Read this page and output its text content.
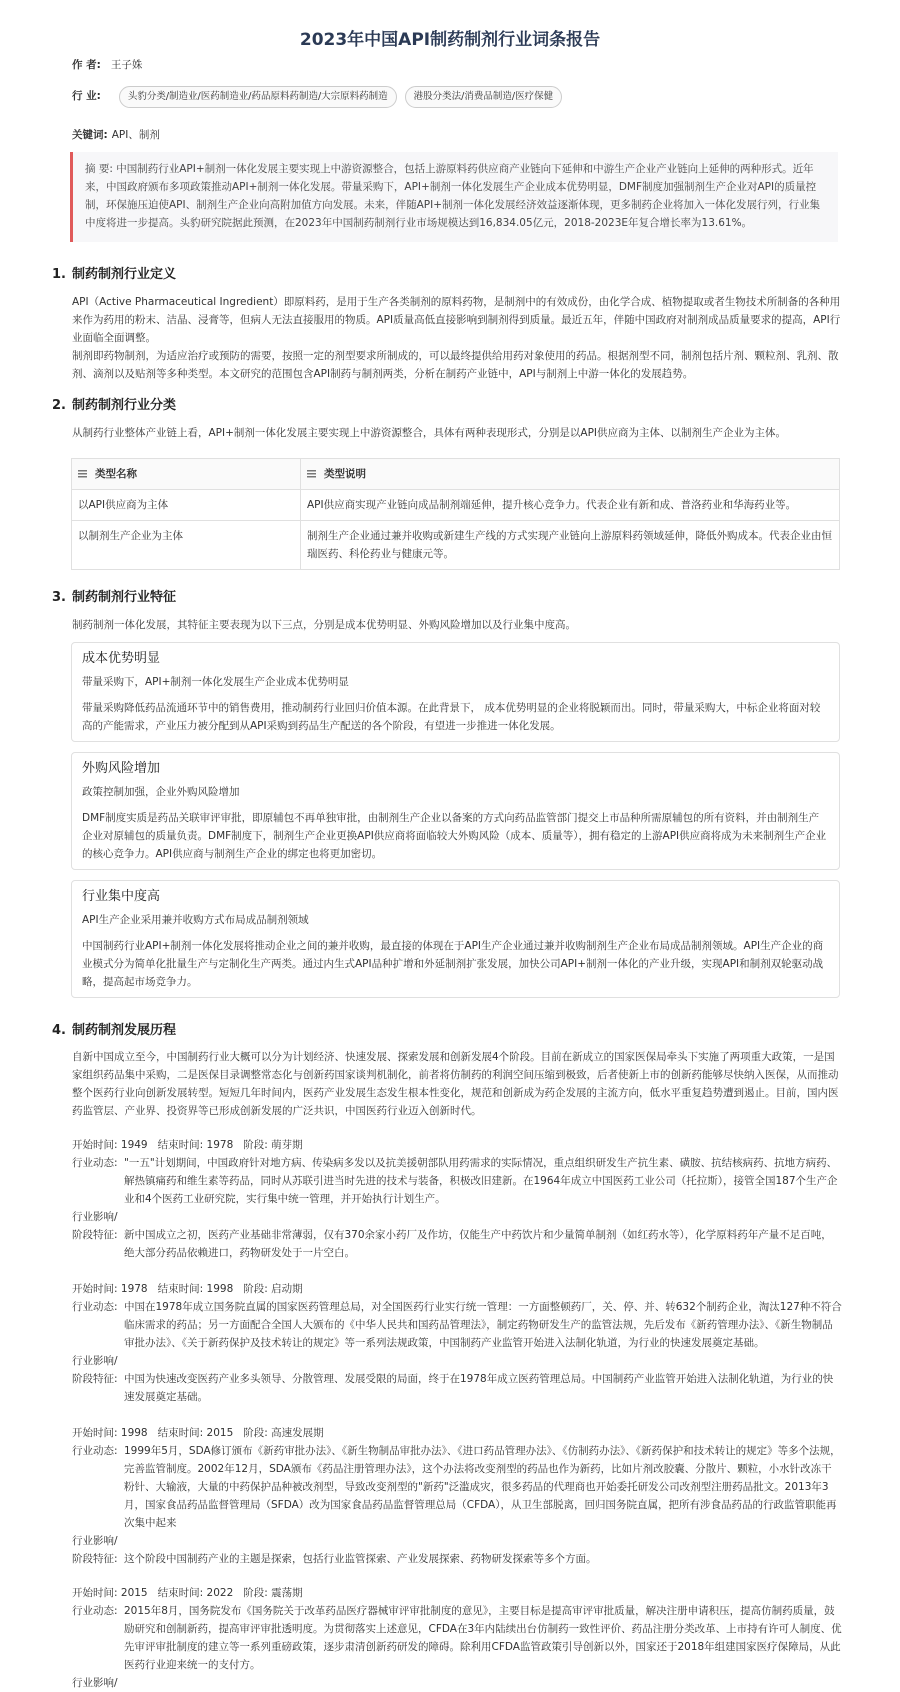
2023年中国API制药制剂行业词条报告
作 者: 王子姝
行 业:	头豹分类/制造业/医药制造业/药品原料药制造/大宗原料药制造	港股分类法/消费品制造/医疗保健
关键词: API、制剂
摘 要: 中国制药行业API+制剂一体化发展主要实现上中游资源整合，包括上游原料药供应商产业链向下延伸和中游生产企业产业链向上延伸的两种形式。近年来，中国政府颁布多项政策推动API+制剂一体化发展。带量采购下，API+制剂一体化发展生产企业成本优势明显，DMF制度加强制剂生产企业对API的质量控制，环保施压迫使API、制剂生产企业向高附加值方向发展。未来，伴随API+制剂一体化发展经济效益逐渐体现，更多制药企业将加入一体化发展行列，行业集中度将进一步提高。头豹研究院据此预测，在2023年中国制药制剂行业市场规模达到16,834.05亿元，2018-2023E年复合增长率为13.61%。
1. 制药制剂行业定义
API（Active Pharmaceutical Ingredient）即原料药，是用于生产各类制剂的原料药物，是制剂中的有效成份，由化学合成、植物提取或者生物技术所制备的各种用来作为药用的粉末、洁晶、浸膏等，但病人无法直接服用的物质。API质量高低直接影响到制剂得到质量。最近五年，伴随中国政府对制剂成品质量要求的提高，API行业面临全面调整。
制剂即药物制剂，为适应治疗或预防的需要，按照一定的剂型要求所制成的，可以最终提供给用药对象使用的药品。根据剂型不同，制剂包括片剂、颗粒剂、乳剂、散剂、滴剂以及贴剂等多种类型。本文研究的范围包含API制药与制剂两类，分析在制药产业链中，API与制剂上中游一体化的发展趋势。
2. 制药制剂行业分类
从制药行业整体产业链上看，API+制剂一体化发展主要实现上中游资源整合，具体有两种表现形式，分别是以API供应商为主体、以制剂生产企业为主体。
类型名称	类型说明
以API供应商为主体	API供应商实现产业链向成品制剂端延伸，提升核心竞争力。代表企业有新和成、普洛药业和华海药业等。
以制剂生产企业为主体	制剂生产企业通过兼并收购或新建生产线的方式实现产业链向上游原料药领域延伸，降低外购成本。代表企业由恒瑞医药、科伦药业与健康元等。
3. 制药制剂行业特征
制药制剂一体化发展，其特征主要表现为以下三点，分别是成本优势明显、外购风险增加以及行业集中度高。
成本优势明显
带量采购下，API+制剂一体化发展生产企业成本优势明显
带量采购降低药品流通环节中的销售费用，推动制药行业回归价值本源。在此背景下， 成本优势明显的企业将脱颖而出。同时，带量采购大，中标企业将面对较高的产能需求，产业压力被分配到从API采购到药品生产配送的各个阶段，有望进一步推进一体化发展。
外购风险增加
政策控制加强，企业外购风险增加
DMF制度实质是药品关联审评审批，即原辅包不再单独审批，由制剂生产企业以备案的方式向药品监管部门提交上市品种所需原辅包的所有资料，并由制剂生产企业对原辅包的质量负责。DMF制度下，制剂生产企业更换API供应商将面临较大外购风险（成本、质量等），拥有稳定的上游API供应商将成为未来制剂生产企业的核心竞争力。API供应商与制剂生产企业的绑定也将更加密切。
行业集中度高
API生产企业采用兼并收购方式布局成品制剂领域
中国制药行业API+制剂一体化发展将推动企业之间的兼并收购，最直接的体现在于API生产企业通过兼并收购制剂生产企业布局成品制剂领域。API生产企业的商业模式分为简单化批量生产与定制化生产两类。通过内生式API品种扩增和外延制剂扩张发展，加快公司API+制剂一体化的产业升级，实现API和制剂双轮驱动战略，提高起市场竞争力。
4. 制药制剂发展历程
自新中国成立至今，中国制药行业大概可以分为计划经济、快速发展、探索发展和创新发展4个阶段。目前在新成立的国家医保局牵头下实施了两项重大政策，一是国家组织药品集中采购，二是医保目录调整常态化与创新药国家谈判机制化，前者将仿制药的利润空间压缩到极致，后者使新上市的创新药能够尽快纳入医保，从而推动整个医药行业向创新发展转型。短短几年时间内，医药产业发展生态发生根本性变化，规范和创新成为药企发展的主流方向，低水平重复趋势遭到遏止。目前，国内医药监管层、产业界、投资界等已形成创新发展的广泛共识，中国医药行业迈入创新时代。
开始时间: 1949 结束时间: 1978 阶段: 萌芽期
行业动态: "一五"计划期间，中国政府针对地方病、传染病多发以及抗美援朝部队用药需求的实际情况，重点组织研发生产抗生素、磺胺、抗结核病药、抗地方病药、解热镇痛药和维生素等药品，同时从苏联引进当时先进的技术与装备，积极改旧建新。在1964年成立中国医药工业公司（托拉斯），接管全国187个生产企业和4个医药工业研究院，实行集中统一管理，并开始执行计划生产。
行业影响/
阶段特征: 新中国成立之初，医药产业基础非常薄弱，仅有370余家小药厂及作坊，仅能生产中药饮片和少量简单制剂（如红药水等），化学原料药年产量不足百吨，绝大部分药品依赖进口，药物研发处于一片空白。
开始时间: 1978 结束时间: 1998 阶段: 启动期
行业动态: 中国在1978年成立国务院直属的国家医药管理总局，对全国医药行业实行统一管理：一方面整顿药厂，关、停、并、转632个制药企业，淘汰127种不符合临床需求的药品；另一方面配合全国人大颁布的《中华人民共和国药品管理法》，制定药物研发生产的监管法规，先后发布《新药管理办法》、《新生物制品审批办法》、《关于新药保护及技术转让的规定》等一系列法规政策，中国制药产业监管开始进入法制化轨道，为行业的快速发展奠定基础。
行业影响/
阶段特征: 中国为快速改变医药产业多头领导、分散管理、发展受限的局面，终于在1978年成立医药管理总局。中国制药产业监管开始进入法制化轨道，为行业的快速发展奠定基础。
开始时间: 1998 结束时间: 2015 阶段: 高速发展期
行业动态: 1999年5月，SDA修订颁布《新药审批办法》、《新生物制品审批办法》、《进口药品管理办法》、《仿制药办法》、《新药保护和技术转让的规定》等多个法规，完善监管制度。2002年12月，SDA颁布《药品注册管理办法》，这个办法将改变剂型的药品也作为新药，比如片剂改胶囊、分散片、颗粒，小水针改冻干粉针、大输液，大量的中药保护品种被改剂型，导致改变剂型的"新药"泛滥成灾，很多药品的代理商也开始委托研发公司改剂型注册药品批文。2013年3月，国家食品药品监督管理局（SFDA）改为国家食品药品监督管理总局（CFDA），从卫生部脱离，回归国务院直属，把所有涉食品药品的行政监管职能再次集中起来
行业影响/
阶段特征: 这个阶段中国制药产业的主题是探索，包括行业监管探索、产业发展探索、药物研发探索等多个方面。
开始时间: 2015 结束时间: 2022 阶段: 震荡期
行业动态: 2015年8月，国务院发布《国务院关于改革药品医疗器械审评审批制度的意见》，主要目标是提高审评审批质量，解决注册申请积压，提高仿制药质量，鼓励研究和创制新药，提高审评审批透明度。为贯彻落实上述意见，CFDA在3年内陆续出台仿制药一致性评价、药品注册分类改革、上市持有许可人制度、优先审评审批制度的建立等一系列重磅政策，逐步肃清创新药研发的障碍。除利用CFDA监管政策引导创新以外，国家还于2018年组建国家医疗保障局，从此医药行业迎来统一的支付方。
行业影响/
